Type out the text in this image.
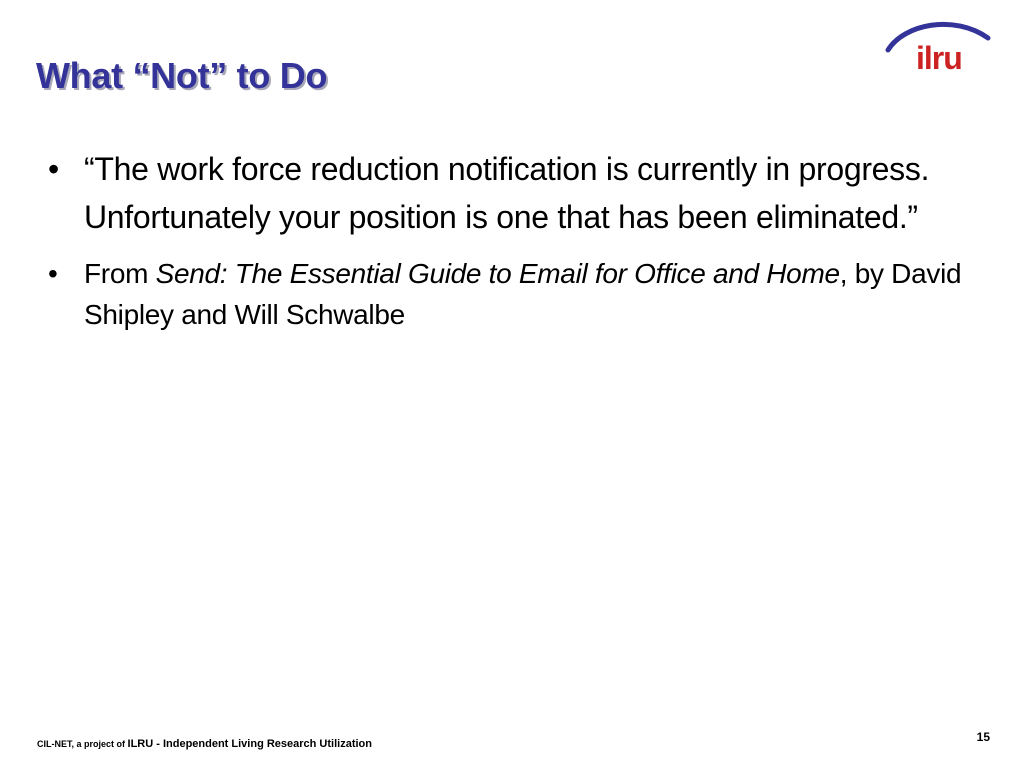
What “Not” to Do	ilru
• “The work force reduction notification is currently in progress. Unfortunately your position is one that has been eliminated.”
• From Send: The Essential Guide to Email for Office and Home, by David Shipley and Will Schwalbe
CIL-NET, a project of ILRU - Independent Living Research Utilization	15
